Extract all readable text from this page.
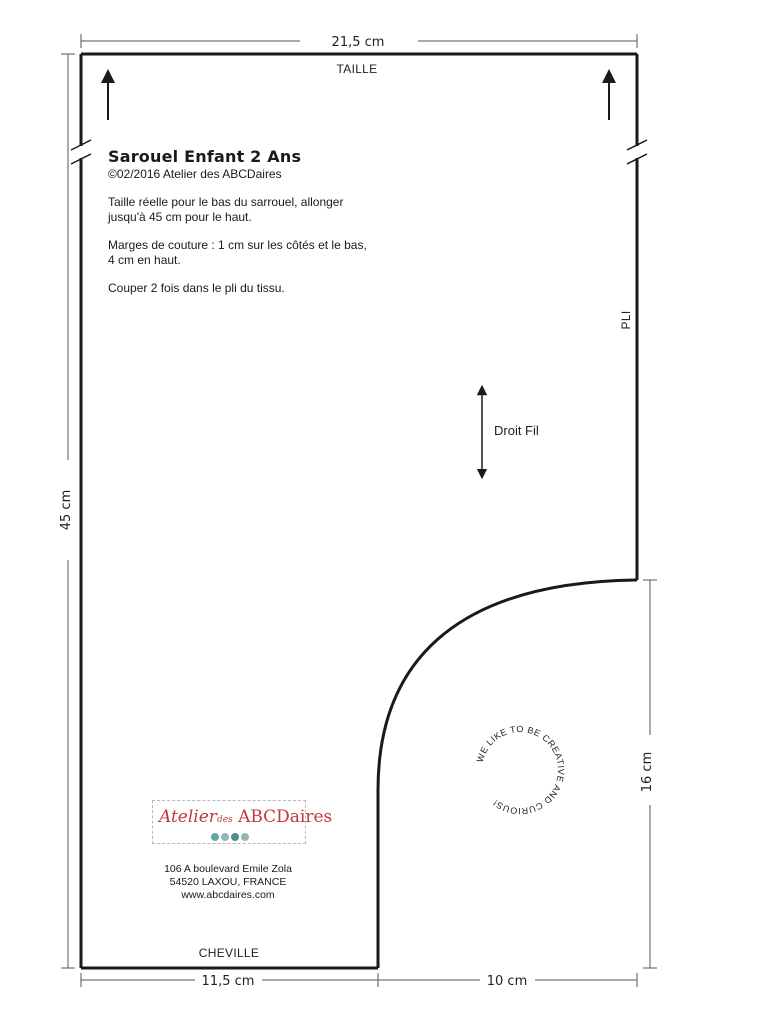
21,5 cm
45 cm
16 cm
11,5 cm	10 cm
TAILLE
CHEVILLE
PLI
Droit Fil
WE LIKE TO BE CREATIVE AND CURIOUS!

Sarouel Enfant 2 Ans

©02/2016 Atelier des ABCDaires

Taille réelle pour le bas du sarrouel, allonger jusqu'à 45 cm pour le haut.

Marges de couture : 1 cm sur les côtés et le bas, 4 cm en haut.

Couper 2 fois dans le pli du tissu.

Atelierdes ABCDaires
106 A boulevard Emile Zola
54520 LAXOU, FRANCE
www.abcdaires.com
